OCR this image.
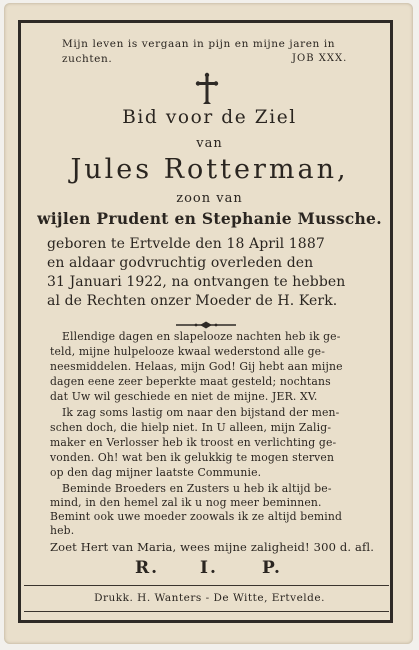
Mijn leven is vergaan in pijn en mijne jaren in
zuchten.	JOB XXX.
Bid voor de Ziel
van
Jules Rotterman,
zoon van
wijlen Prudent en Stephanie Mussche.
geboren te Ertvelde den 18 April 1887
en aldaar godvruchtig overleden den
31 Januari 1922, na ontvangen te hebben
al de Rechten onzer Moeder de H. Kerk.
Ellendige dagen en slapelooze nachten heb ik ge-
teld, mijne hulpelooze kwaal wederstond alle ge-
neesmiddelen. Helaas, mijn God! Gij hebt aan mijne
dagen eene zeer beperkte maat gesteld; nochtans
dat Uw wil geschiede en niet de mijne. JER. XV.
Ik zag soms lastig om naar den bijstand der men-
schen doch, die hielp niet. In U alleen, mijn Zalig-
maker en Verlosser heb ik troost en verlichting ge-
vonden. Oh! wat ben ik gelukkig te mogen sterven
op den dag mijner laatste Communie.
Beminde Broeders en Zusters u heb ik altijd be-
mind, in den hemel zal ik u nog meer beminnen.
Bemint ook uwe moeder zoowals ik ze altijd bemind
heb.
Zoet Hert van Maria, wees mijne zaligheid! 300 d. afl.
R. I.	P.
Drukk. H. Wanters - De Witte, Ertvelde.
